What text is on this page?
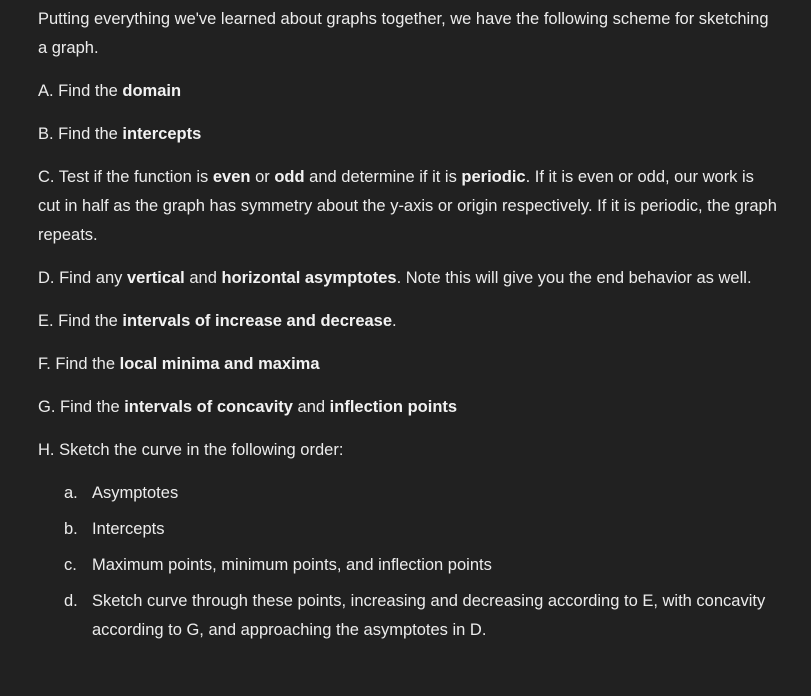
Putting everything we've learned about graphs together, we have the following scheme for sketching a graph.

A. Find the domain

B. Find the intercepts

C. Test if the function is even or odd and determine if it is periodic. If it is even or odd, our work is cut in half as the graph has symmetry about the y-axis or origin respectively. If it is periodic, the graph repeats.

D. Find any vertical and horizontal asymptotes. Note this will give you the end behavior as well.

E. Find the intervals of increase and decrease.

F. Find the local minima and maxima

G. Find the intervals of concavity and inflection points

H. Sketch the curve in the following order:

a. Asymptotes
b. Intercepts
c. Maximum points, minimum points, and inflection points
d. Sketch curve through these points, increasing and decreasing according to E, with concavity according to G, and approaching the asymptotes in D.
